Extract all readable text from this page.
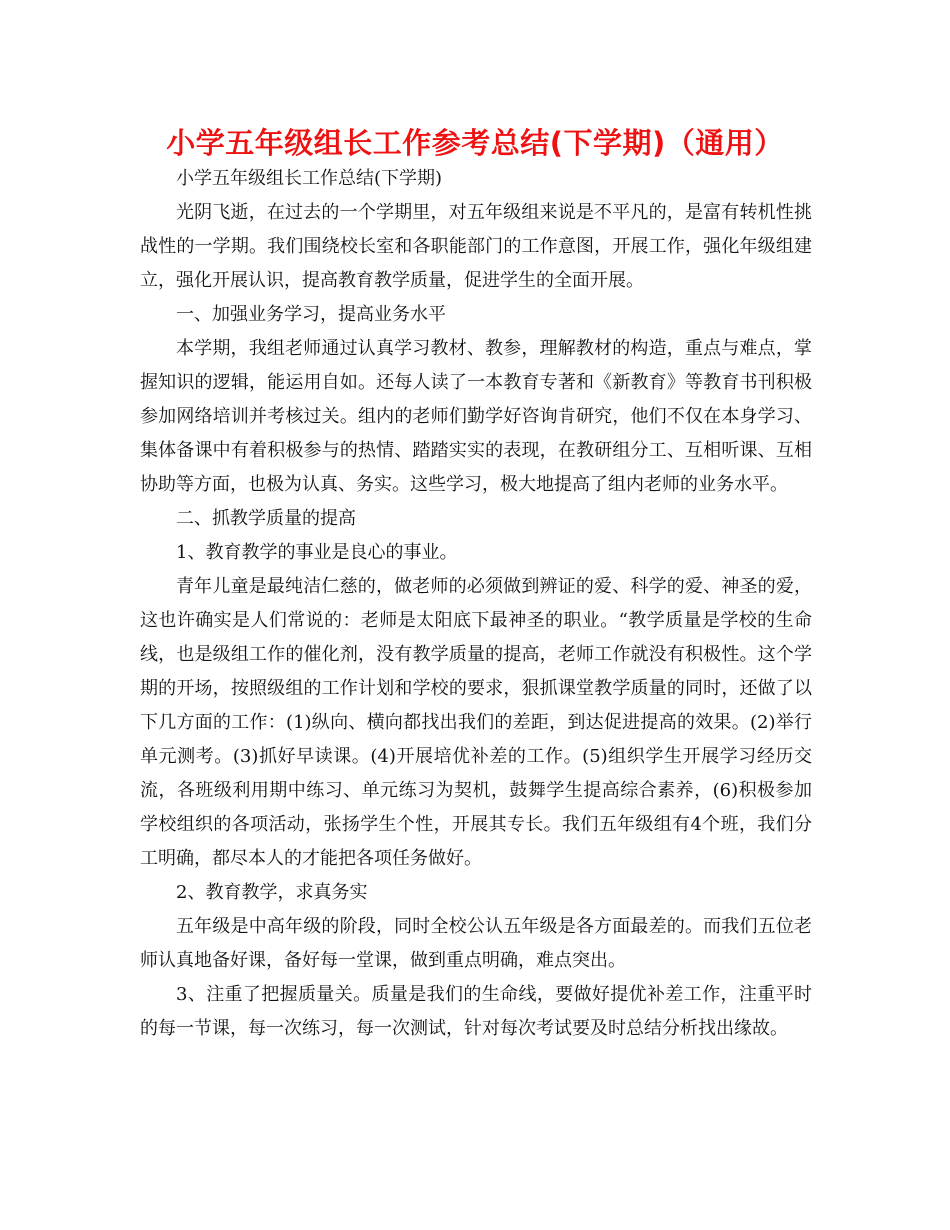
小学五年级组长工作参考总结(下学期)（通用）

小学五年级组长工作总结(下学期)

光阴飞逝，在过去的一个学期里，对五年级组来说是不平凡的，是富有转机性挑战性的一学期。我们围绕校长室和各职能部门的工作意图，开展工作，强化年级组建立，强化开展认识，提高教育教学质量，促进学生的全面开展。

一、加强业务学习，提高业务水平

本学期，我组老师通过认真学习教材、教参，理解教材的构造，重点与难点，掌握知识的逻辑，能运用自如。还每人读了一本教育专著和《新教育》等教育书刊积极参加网络培训并考核过关。组内的老师们勤学好咨询肯研究，他们不仅在本身学习、集体备课中有着积极参与的热情、踏踏实实的表现，在教研组分工、互相听课、互相协助等方面，也极为认真、务实。这些学习，极大地提高了组内老师的业务水平。

二、抓教学质量的提高

1、教育教学的事业是良心的事业。

青年儿童是最纯洁仁慈的，做老师的必须做到辨证的爱、科学的爱、神圣的爱，这也许确实是人们常说的：老师是太阳底下最神圣的职业。“教学质量是学校的生命线，也是级组工作的催化剂，没有教学质量的提高，老师工作就没有积极性。这个学期的开场，按照级组的工作计划和学校的要求，狠抓课堂教学质量的同时，还做了以下几方面的工作：(1)纵向、横向都找出我们的差距，到达促进提高的效果。(2)举行单元测考。(3)抓好早读课。(4)开展培优补差的工作。(5)组织学生开展学习经历交流，各班级利用期中练习、单元练习为契机，鼓舞学生提高综合素养，(6)积极参加学校组织的各项活动，张扬学生个性，开展其专长。我们五年级组有4个班，我们分工明确，都尽本人的才能把各项任务做好。

2、教育教学，求真务实

五年级是中高年级的阶段，同时全校公认五年级是各方面最差的。而我们五位老师认真地备好课，备好每一堂课，做到重点明确，难点突出。

3、注重了把握质量关。质量是我们的生命线，要做好提优补差工作，注重平时的每一节课，每一次练习，每一次测试，针对每次考试要及时总结分析找出缘故。
